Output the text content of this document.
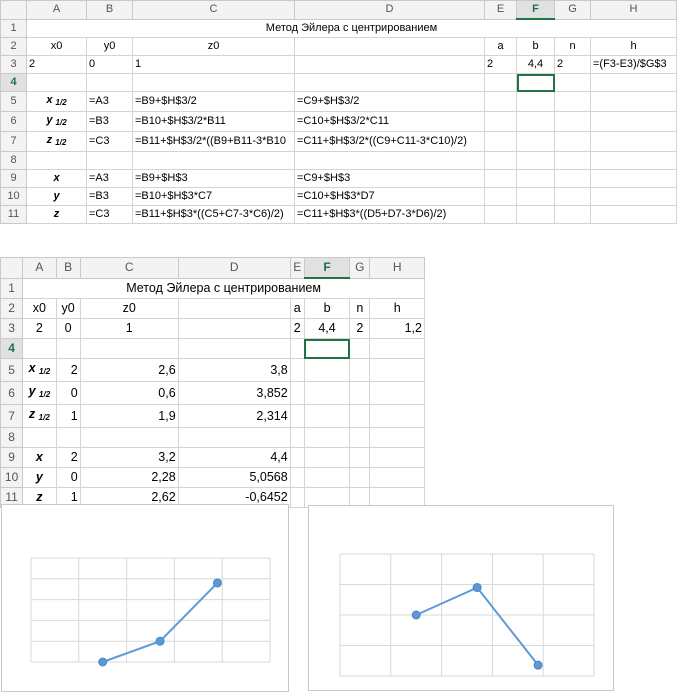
	A	B	C	D	E	F	G	H
1	Метод Эйлера с центрированием							
2	x0	y0	z0		a	b	n	h
3	2	0	1		2	4,4	2	=(F3-E3)/$G$3
4								
5	x $_{1/2}$	=A3	=B9+$H$3/2	=C9+$H$3/2				
6	y $_{1/2}$	=B3	=B10+$H$3/2*B11	=C10+$H$3/2*C11				
7	z $_{1/2}$	=C3	=B11+$H$3/2*((B9+B11-3*B10	=C11+$H$3/2*((C9+C11-3*C10)/2)				
8								
9	x	=A3	=B9+$H$3	=C9+$H$3				
10	y	=B3	=B10+$H$3*C7	=C10+$H$3*D7				
11	z	=C3	=B11+$H$3*((C5+C7-3*C6)/2)	=C11+$H$3*((D5+D7-3*D6)/2)				
	A	B	C	D	E	F	G	H
1	Метод Эйлера с центрированием							
2	x0	y0	z0		a	b	n	h
3	2	0	1		2	4,4	2	1,2
4								
5	x $_{1/2}$	2	2,6	3,8				
6	y $_{1/2}$	0	0,6	3,852				
7	z $_{1/2}$	1	1,9	2,314				
8								
9	x	2	3,2	4,4				
10	y	0	2,28	5,0568				
11	z	1	2,62	-0,6452				
